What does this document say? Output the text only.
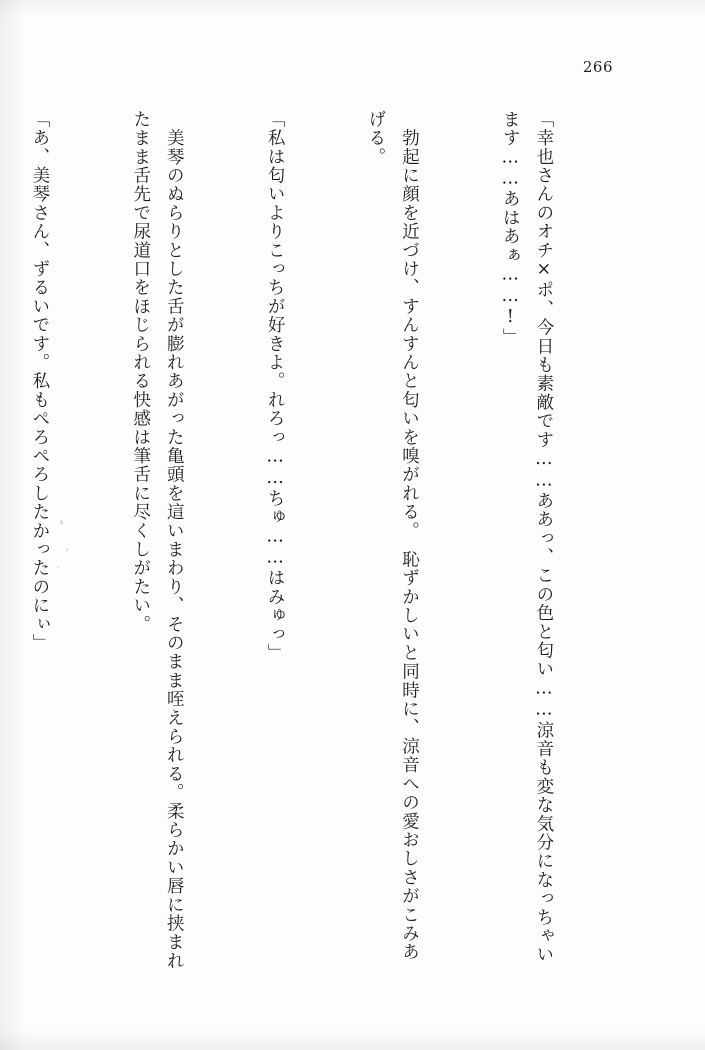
266

「幸也さんのオチ×ポ、今日も素敵です……ああっ、この色と匂い……涼音も変な気分になっちゃいます……あはあぁ……!」

　勃起に顔を近づけ、すんすんと匂いを嗅がれる。　恥ずかしいと同時に、涼音への愛おしさがこみあげる。

「私は匂いよりこっちが好きよ。れろっ……ちゅ……はみゅっ」

　美琴のぬらりとした舌が膨れあがった亀頭を這いまわり、そのまま咥えられる。柔らかい唇に挟まれたまま舌先で尿道口をほじられる快感は筆舌に尽くしがたい。

「あ、美琴さん、ずるいです。私もぺろぺろしたかったのにぃ」
